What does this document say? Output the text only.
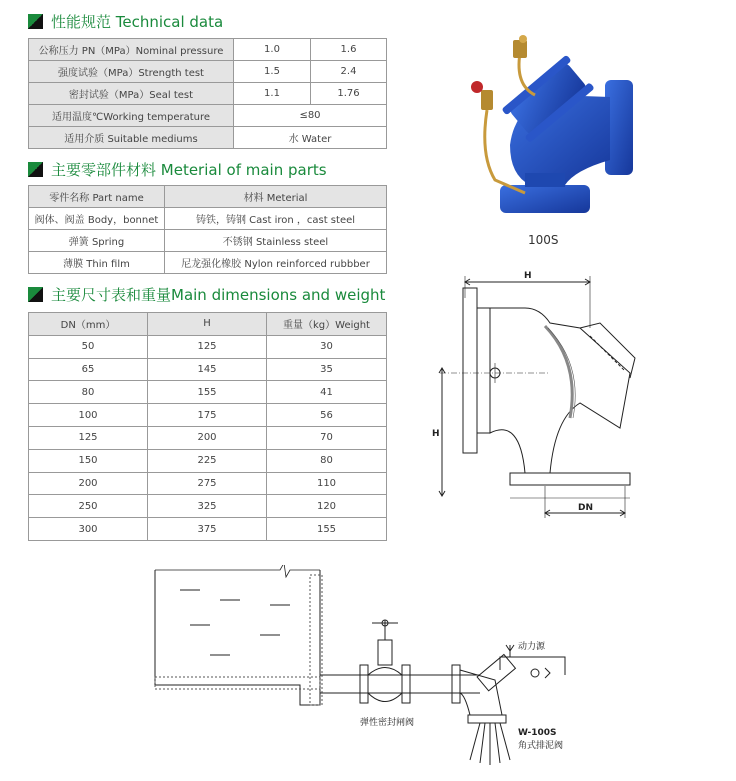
性能规范 Technical data
公称压力 PN（MPa）Nominal pressure	1.0	1.6
强度试验（MPa）Strength test	1.5	2.4
密封试验（MPa）Seal test	1.1	1.76
适用温度℃Working temperature	≤80	
适用介质 Suitable mediums	水 Water	
主要零部件材料 Meterial of main parts
零件名称 Part name	材料 Meterial
阀体、阀盖 Body，bonnet	铸铁，铸钢 Cast iron ，cast steel
弹簧 Spring	不锈钢 Stainless steel
薄膜 Thin film	尼龙强化橡胶 Nylon reinforced rubbber
主要尺寸表和重量Main dimensions and weight
DN（mm）	H	重量（kg）Weight
50	125	30
65	145	35
80	155	41
100	175	56
125	200	70
150	225	80
200	275	110
250	325	120
300	375	155
100S
H
H
DN
动力源
弹性密封闸阀
W-100S
角式排泥阀
